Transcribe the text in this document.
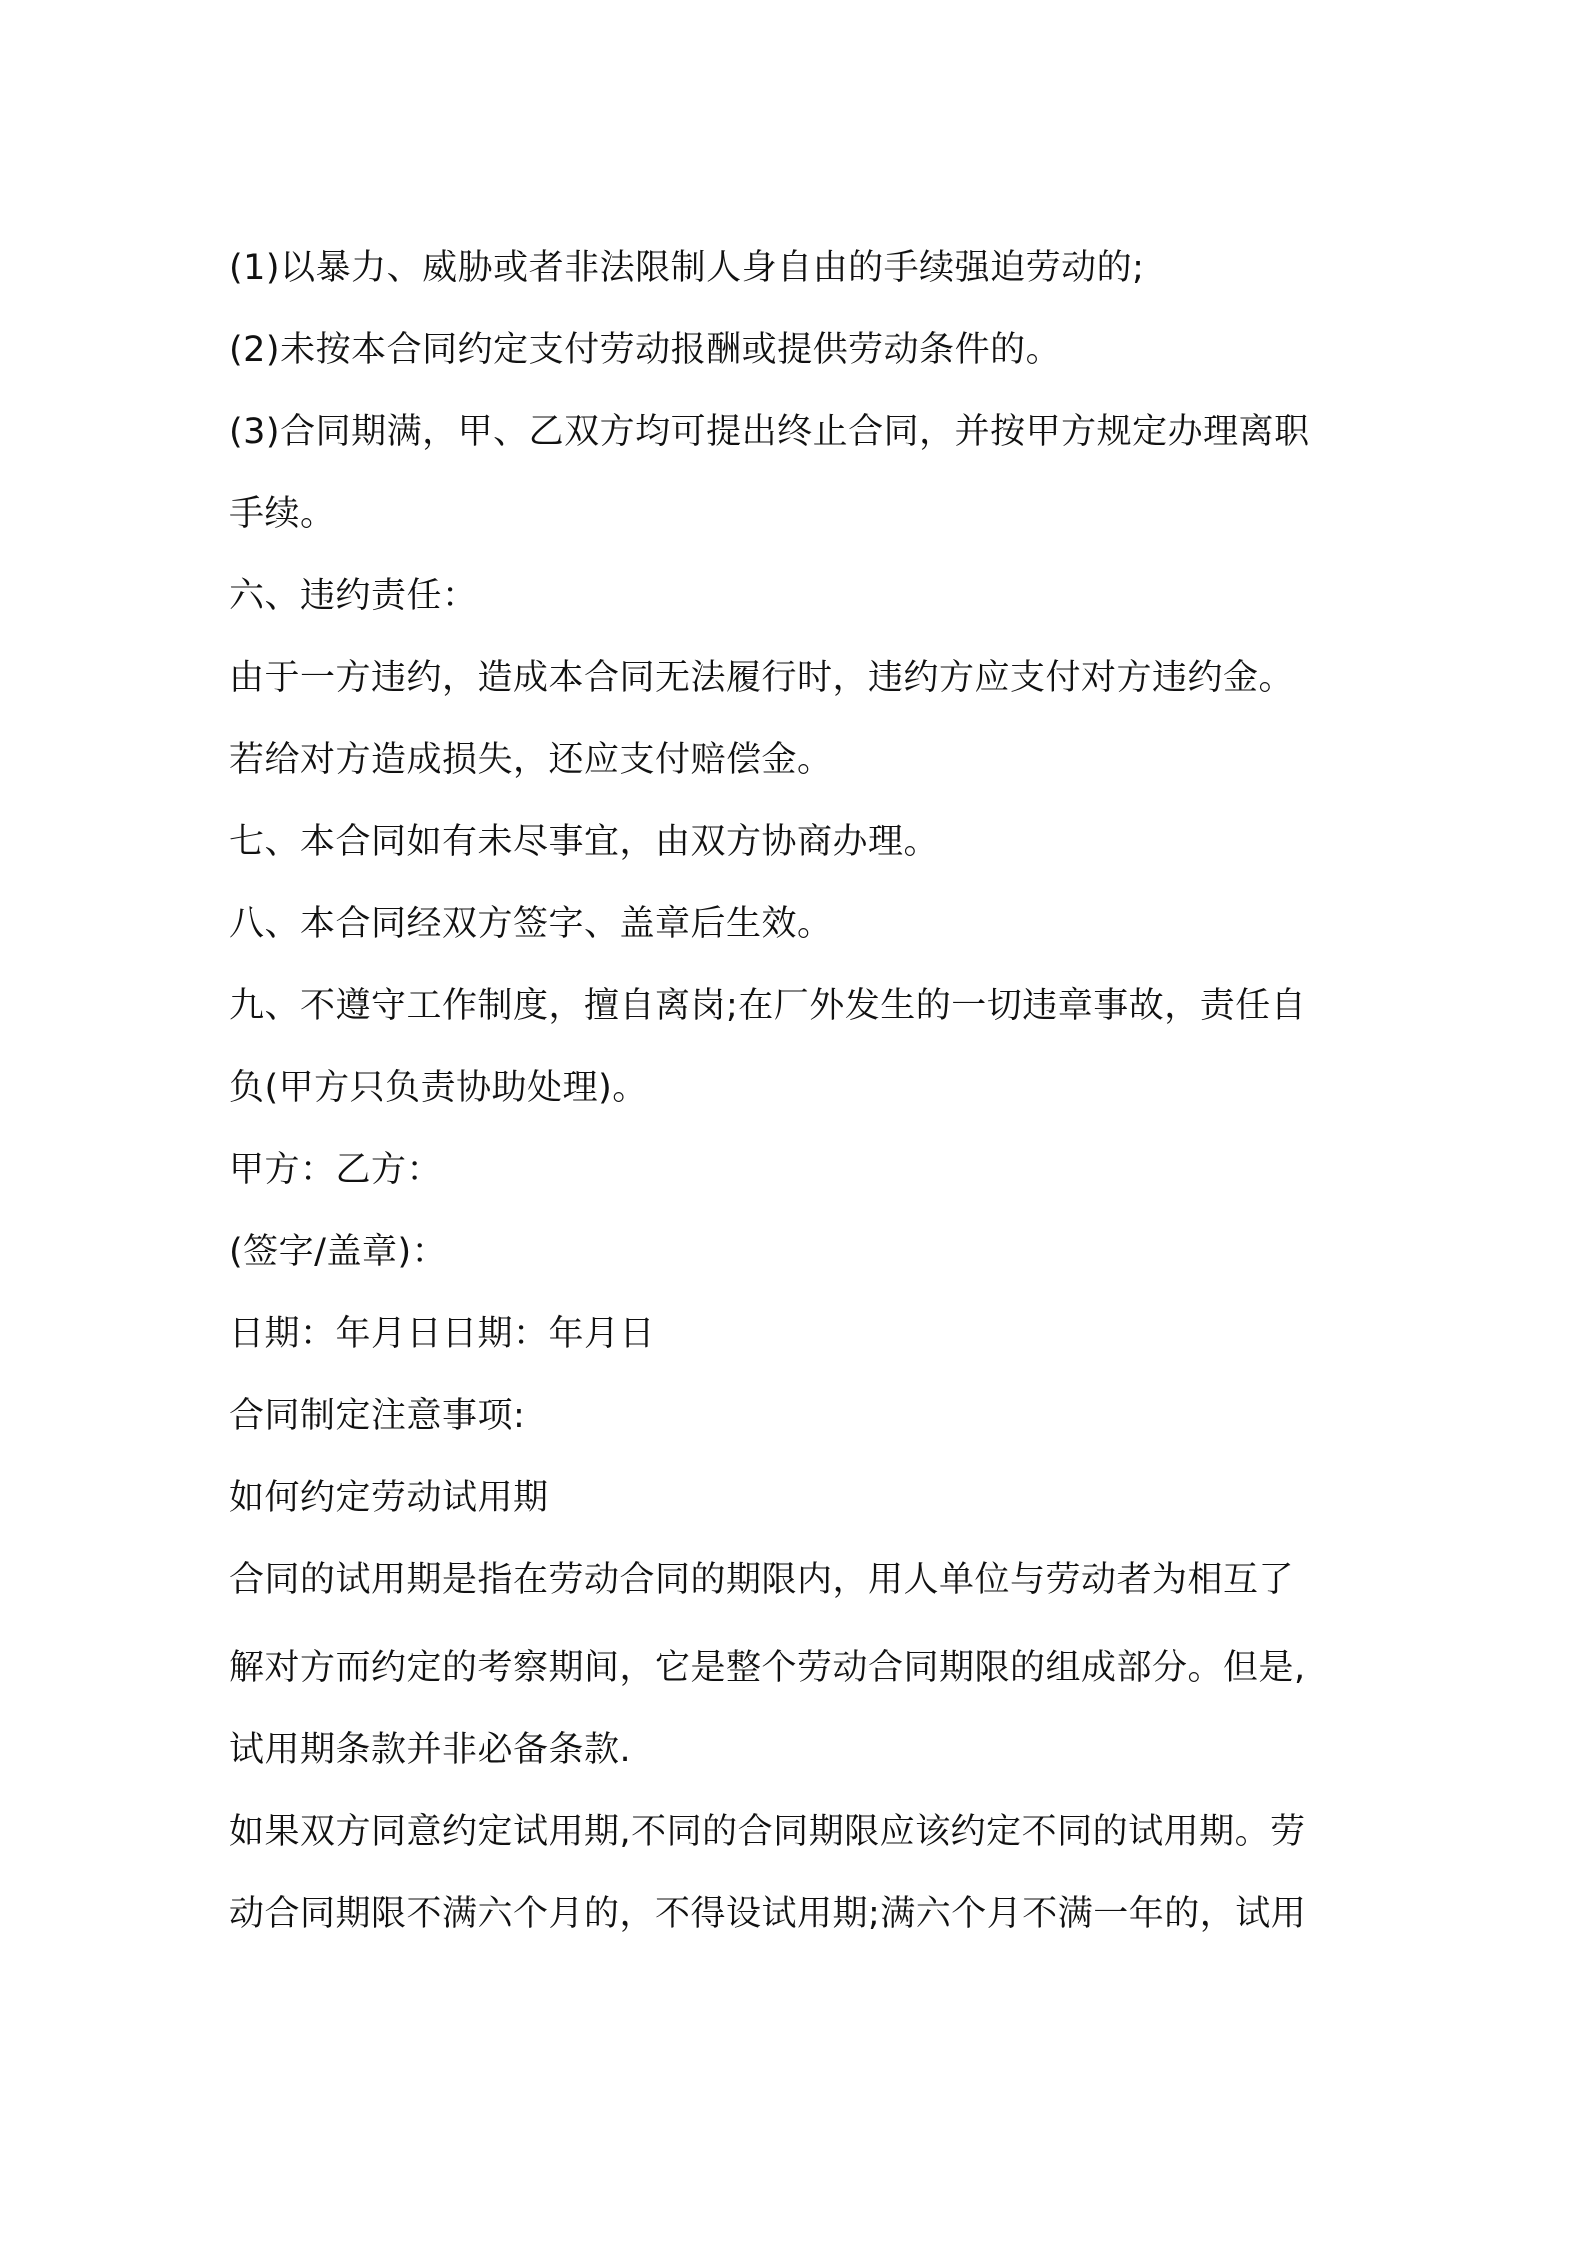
(1)以暴力、威胁或者非法限制人身自由的手续强迫劳动的;
(2)未按本合同约定支付劳动报酬或提供劳动条件的。
(3)合同期满，甲、乙双方均可提出终止合同，并按甲方规定办理离职
手续。
六、违约责任：
由于一方违约，造成本合同无法履行时，违约方应支付对方违约金。
若给对方造成损失，还应支付赔偿金。
七、本合同如有未尽事宜，由双方协商办理。
八、本合同经双方签字、盖章后生效。
九、不遵守工作制度，擅自离岗;在厂外发生的一切违章事故，责任自
负(甲方只负责协助处理)。
甲方：乙方：
(签字/盖章)：
日期：年月日日期：年月日
合同制定注意事项:
如何约定劳动试用期
合同的试用期是指在劳动合同的期限内，用人单位与劳动者为相互了
解对方而约定的考察期间，它是整个劳动合同期限的组成部分。但是,
试用期条款并非必备条款.
如果双方同意约定试用期,不同的合同期限应该约定不同的试用期。劳
动合同期限不满六个月的，不得设试用期;满六个月不满一年的，试用
